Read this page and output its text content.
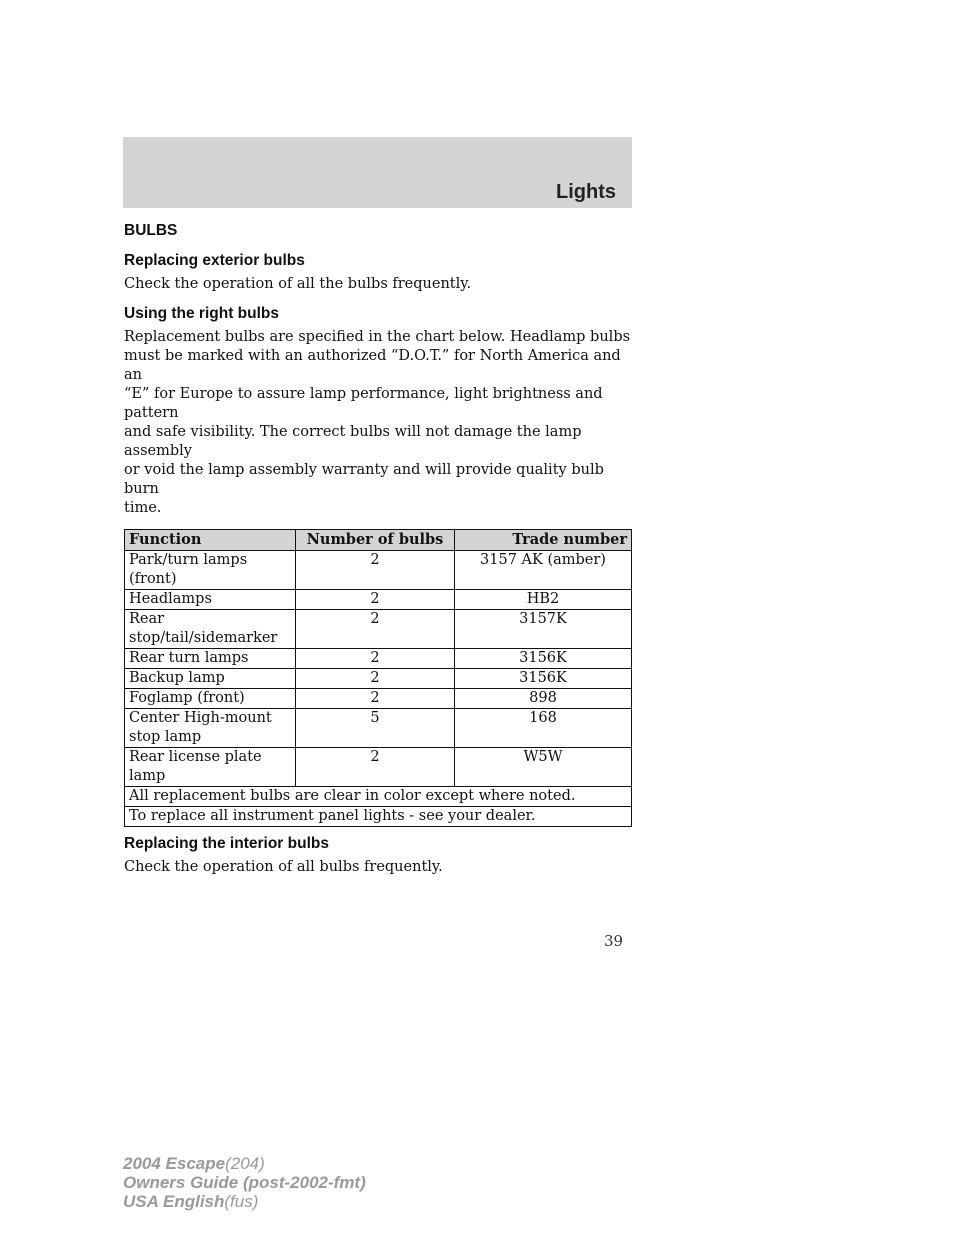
Lights
BULBS
Replacing exterior bulbs
Check the operation of all the bulbs frequently.
Using the right bulbs
Replacement bulbs are specified in the chart below. Headlamp bulbs
must be marked with an authorized “D.O.T.” for North America and an
“E” for Europe to assure lamp performance, light brightness and pattern
and safe visibility. The correct bulbs will not damage the lamp assembly
or void the lamp assembly warranty and will provide quality bulb burn
time.
Function	Number of bulbs	Trade number

Park/turn lamps
(front)	2	3157 AK (amber)

Headlamps	2	HB2

Rear
stop/tail/sidemarker	2	3157K

Rear turn lamps	2	3156K

Backup lamp	2	3156K

Foglamp (front)	2	898

Center High-mount
stop lamp	5	168

Rear license plate
lamp	2	W5W
All replacement bulbs are clear in color except where noted.		
To replace all instrument panel lights - see your dealer.		
Replacing the interior bulbs
Check the operation of all bulbs frequently.
39
2004 Escape(204)
Owners Guide (post-2002-fmt)
USA English(fus)
